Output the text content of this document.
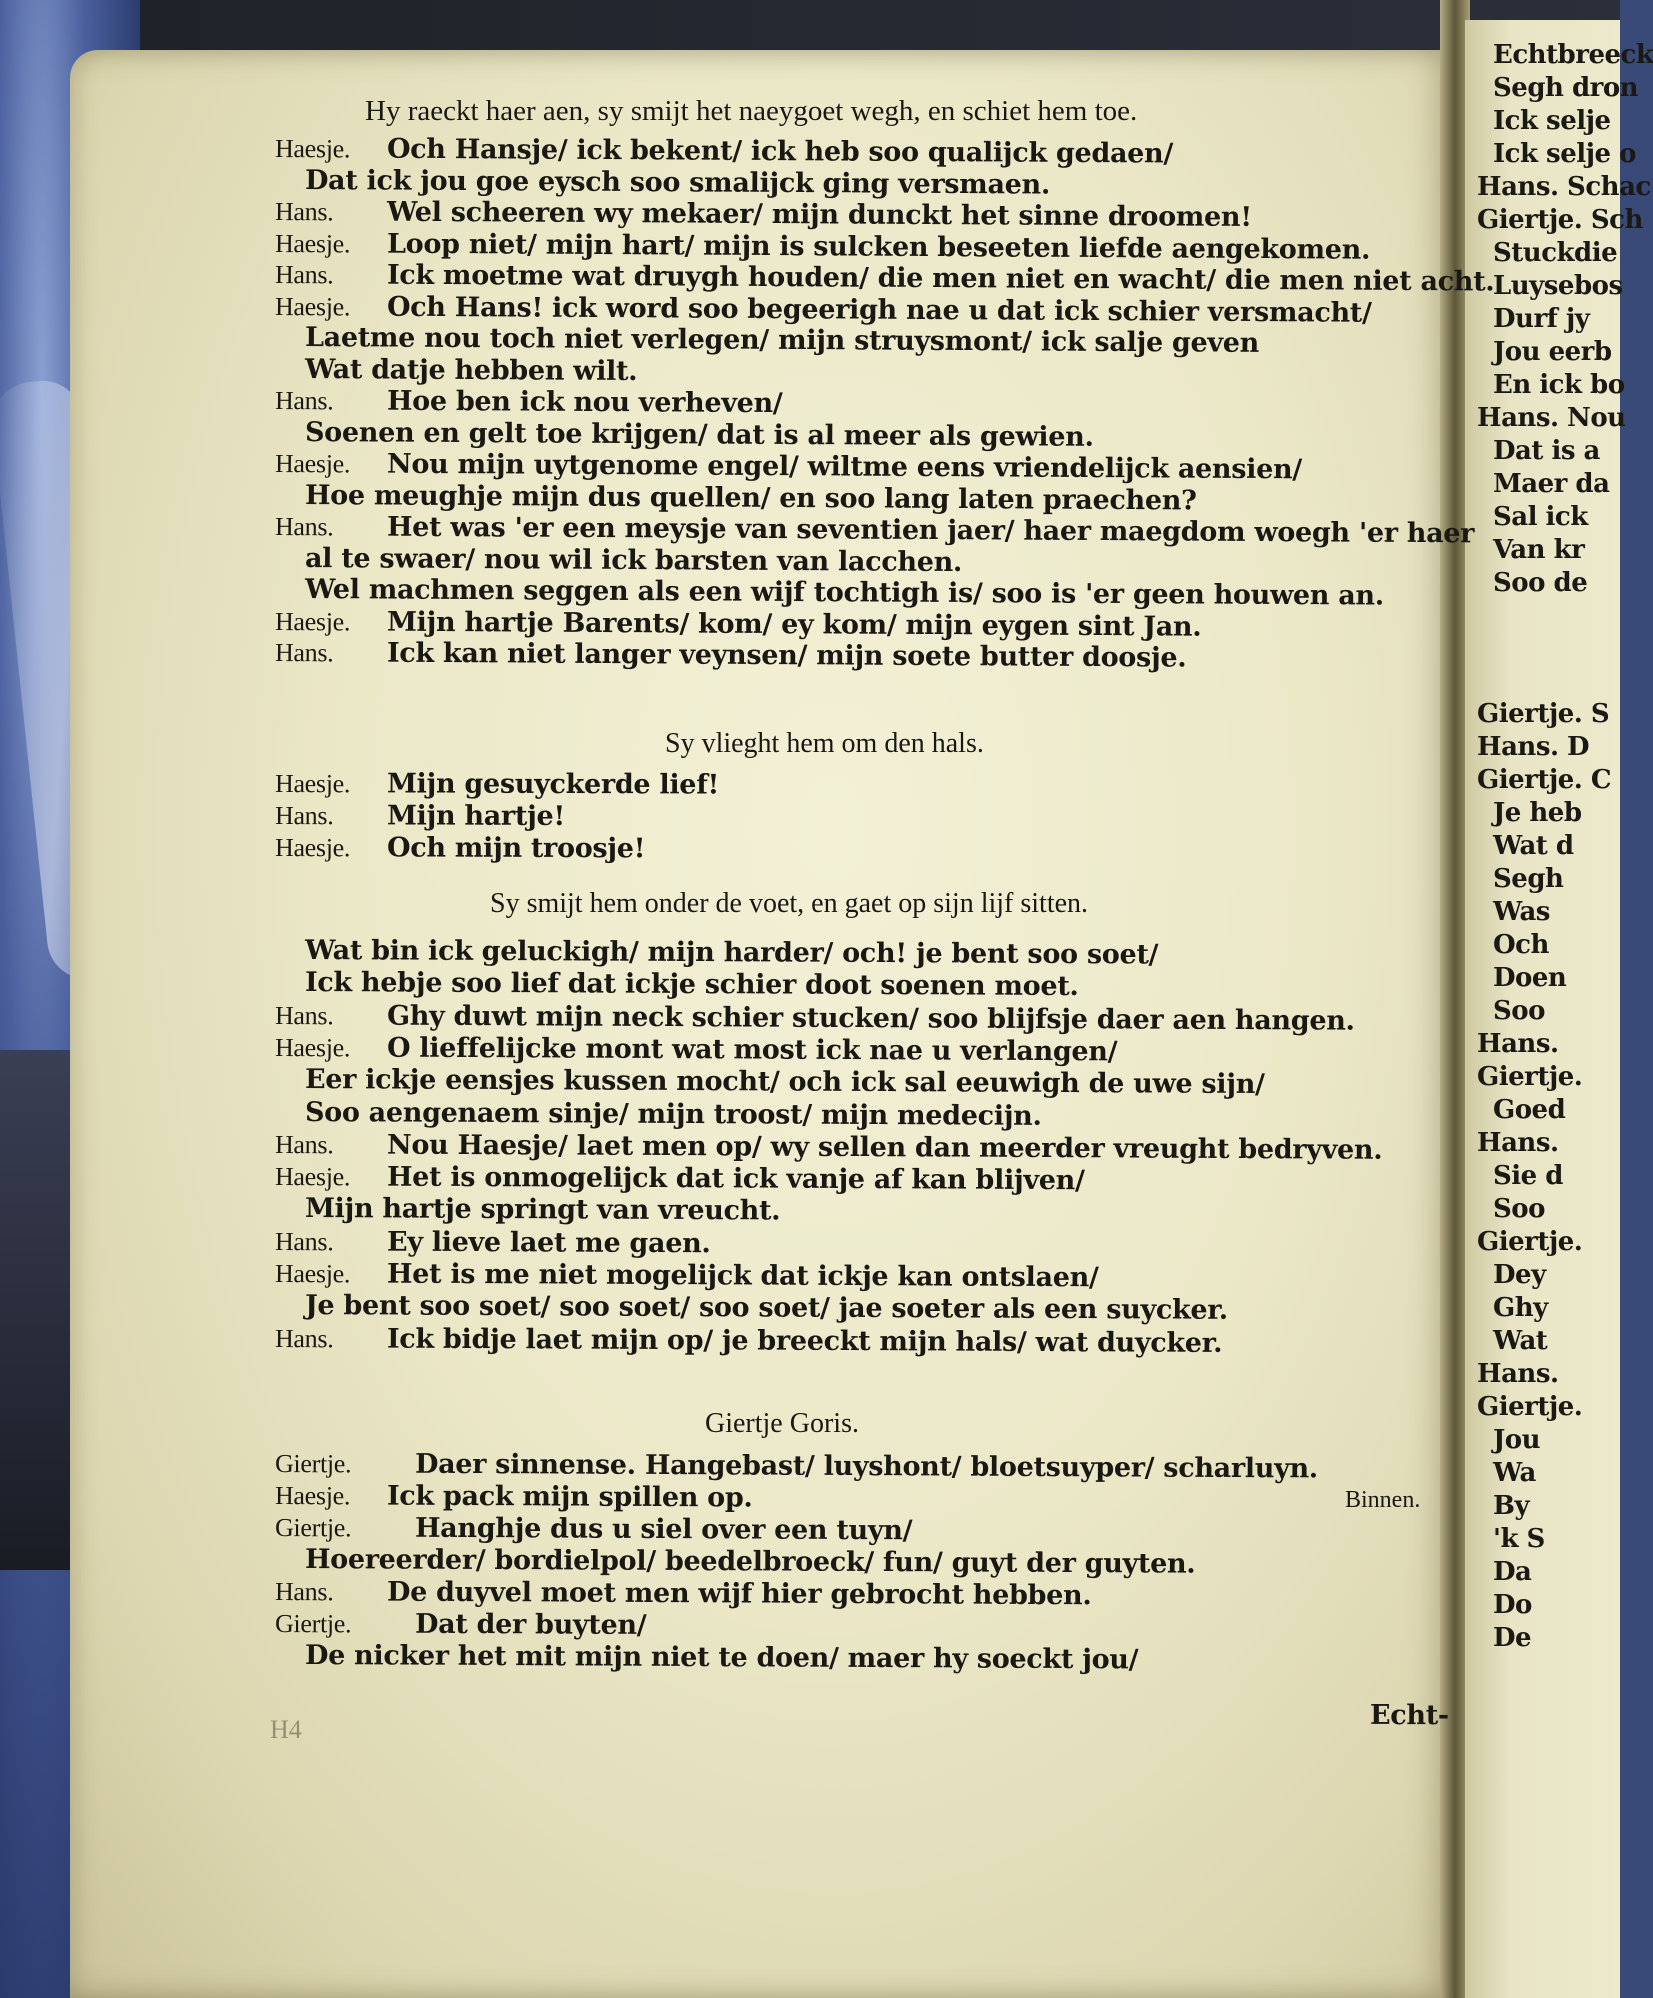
Echtbreeck
Segh dron
Ick selje
Ick selje o
Hans. Schac
Giertje. Sch
Stuckdie
Luysebos
Durf jy
Jou eerb
En ick bo
Hans. Nou
Dat is a
Maer da
Sal ick
Van kr
Soo de
Giertje. S
Hans. D
Giertje. C
Je heb
Wat d
Segh
Was
Och
Doen
Soo
Hans.
Giertje.
Goed
Hans.
Sie d
Soo
Giertje.
Dey
Ghy
Wat
Hans.
Giertje.
Jou
Wa
By
'k S
Da
Do
De
Hy raeckt haer aen, sy smijt het naeygoet wegh, en schiet hem toe.
Haesje. Och Hansje/ ick bekent/ ick heb soo qualijck gedaen/
Dat ick jou goe eysch soo smalijck ging versmaen.
Hans. Wel scheeren wy mekaer/ mijn dunckt het sinne droomen!
Haesje. Loop niet/ mijn hart/ mijn is sulcken beseeten liefde aengekomen.
Hans. Ick moetme wat druygh houden/ die men niet en wacht/ die men niet acht.
Haesje. Och Hans! ick word soo begeerigh nae u dat ick schier versmacht/
Laetme nou toch niet verlegen/ mijn struysmont/ ick salje geven
Wat datje hebben wilt.
Hans. Hoe ben ick nou verheven/
Soenen en gelt toe krijgen/ dat is al meer als gewien.
Haesje. Nou mijn uytgenome engel/ wiltme eens vriendelijck aensien/
Hoe meughje mijn dus quellen/ en soo lang laten praechen?
Hans. Het was 'er een meysje van seventien jaer/ haer maegdom woegh 'er haer
al te swaer/ nou wil ick barsten van lacchen.
Wel machmen seggen als een wijf tochtigh is/ soo is 'er geen houwen an.
Haesje. Mijn hartje Barents/ kom/ ey kom/ mijn eygen sint Jan.
Hans. Ick kan niet langer veynsen/ mijn soete butter doosje.
Sy vlieght hem om den hals.
Haesje. Mijn gesuyckerde lief!
Hans. Mijn hartje!
Haesje. Och mijn troosje!
Sy smijt hem onder de voet, en gaet op sijn lijf sitten.
Wat bin ick geluckigh/ mijn harder/ och! je bent soo soet/
Ick hebje soo lief dat ickje schier doot soenen moet.
Hans. Ghy duwt mijn neck schier stucken/ soo blijfsje daer aen hangen.
Haesje. O lieffelijcke mont wat most ick nae u verlangen/
Eer ickje eensjes kussen mocht/ och ick sal eeuwigh de uwe sijn/
Soo aengenaem sinje/ mijn troost/ mijn medecijn.
Hans. Nou Haesje/ laet men op/ wy sellen dan meerder vreught bedryven.
Haesje. Het is onmogelijck dat ick vanje af kan blijven/
Mijn hartje springt van vreucht.
Hans. Ey lieve laet me gaen.
Haesje. Het is me niet mogelijck dat ickje kan ontslaen/
Je bent soo soet/ soo soet/ soo soet/ jae soeter als een suycker.
Hans. Ick bidje laet mijn op/ je breeckt mijn hals/ wat duycker.
Giertje Goris.
Giertje. Daer sinnense. Hangebast/ luyshont/ bloetsuyper/ scharluyn.
Haesje. Ick pack mijn spillen op.
Giertje. Hanghje dus u siel over een tuyn/
Hoereerder/ bordielpol/ beedelbroeck/ fun/ guyt der guyten.
Hans. De duyvel moet men wijf hier gebrocht hebben.
Giertje. Dat der buyten/
De nicker het mit mijn niet te doen/ maer hy soeckt jou/
Binnen.
Echt-
H4
